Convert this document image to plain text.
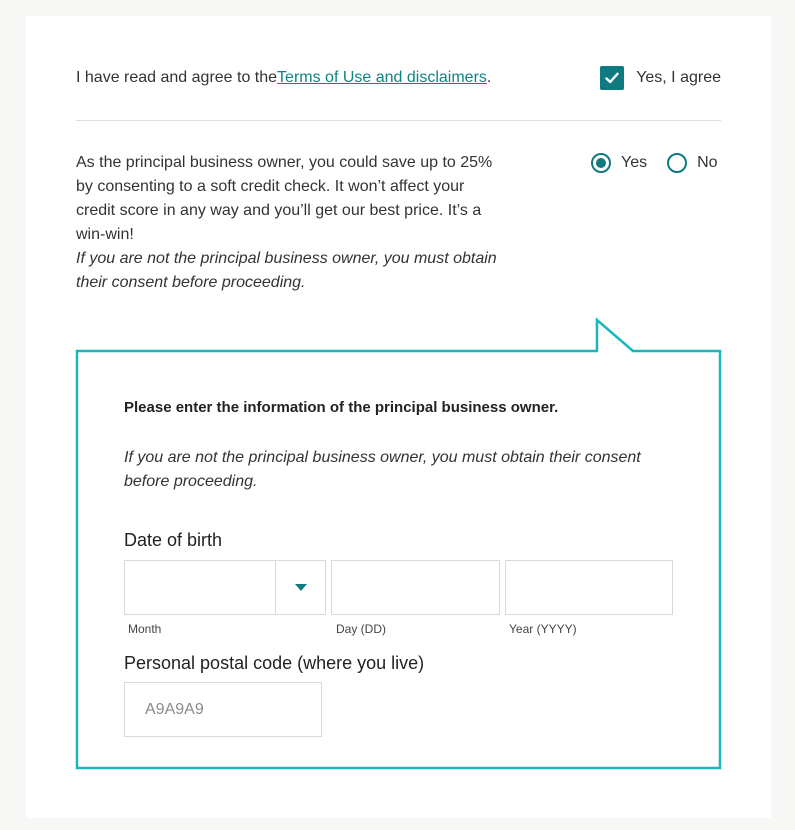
I have read and agree to theTerms of Use and disclaimers.	Yes, I agree

As the principal business owner, you could save up to 25% by consenting to a soft credit check. It won’t affect your credit score in any way and you’ll get our best price. It’s a win-win!

If you are not the principal business owner, you must obtain their consent before proceeding.

Yes	No

Please enter the information of the principal business owner.

If you are not the principal business owner, you must obtain their consent before proceeding.

Date of birth

Month	Day (DD)	Year (YYYY)

Personal postal code (where you live)

A9A9A9
